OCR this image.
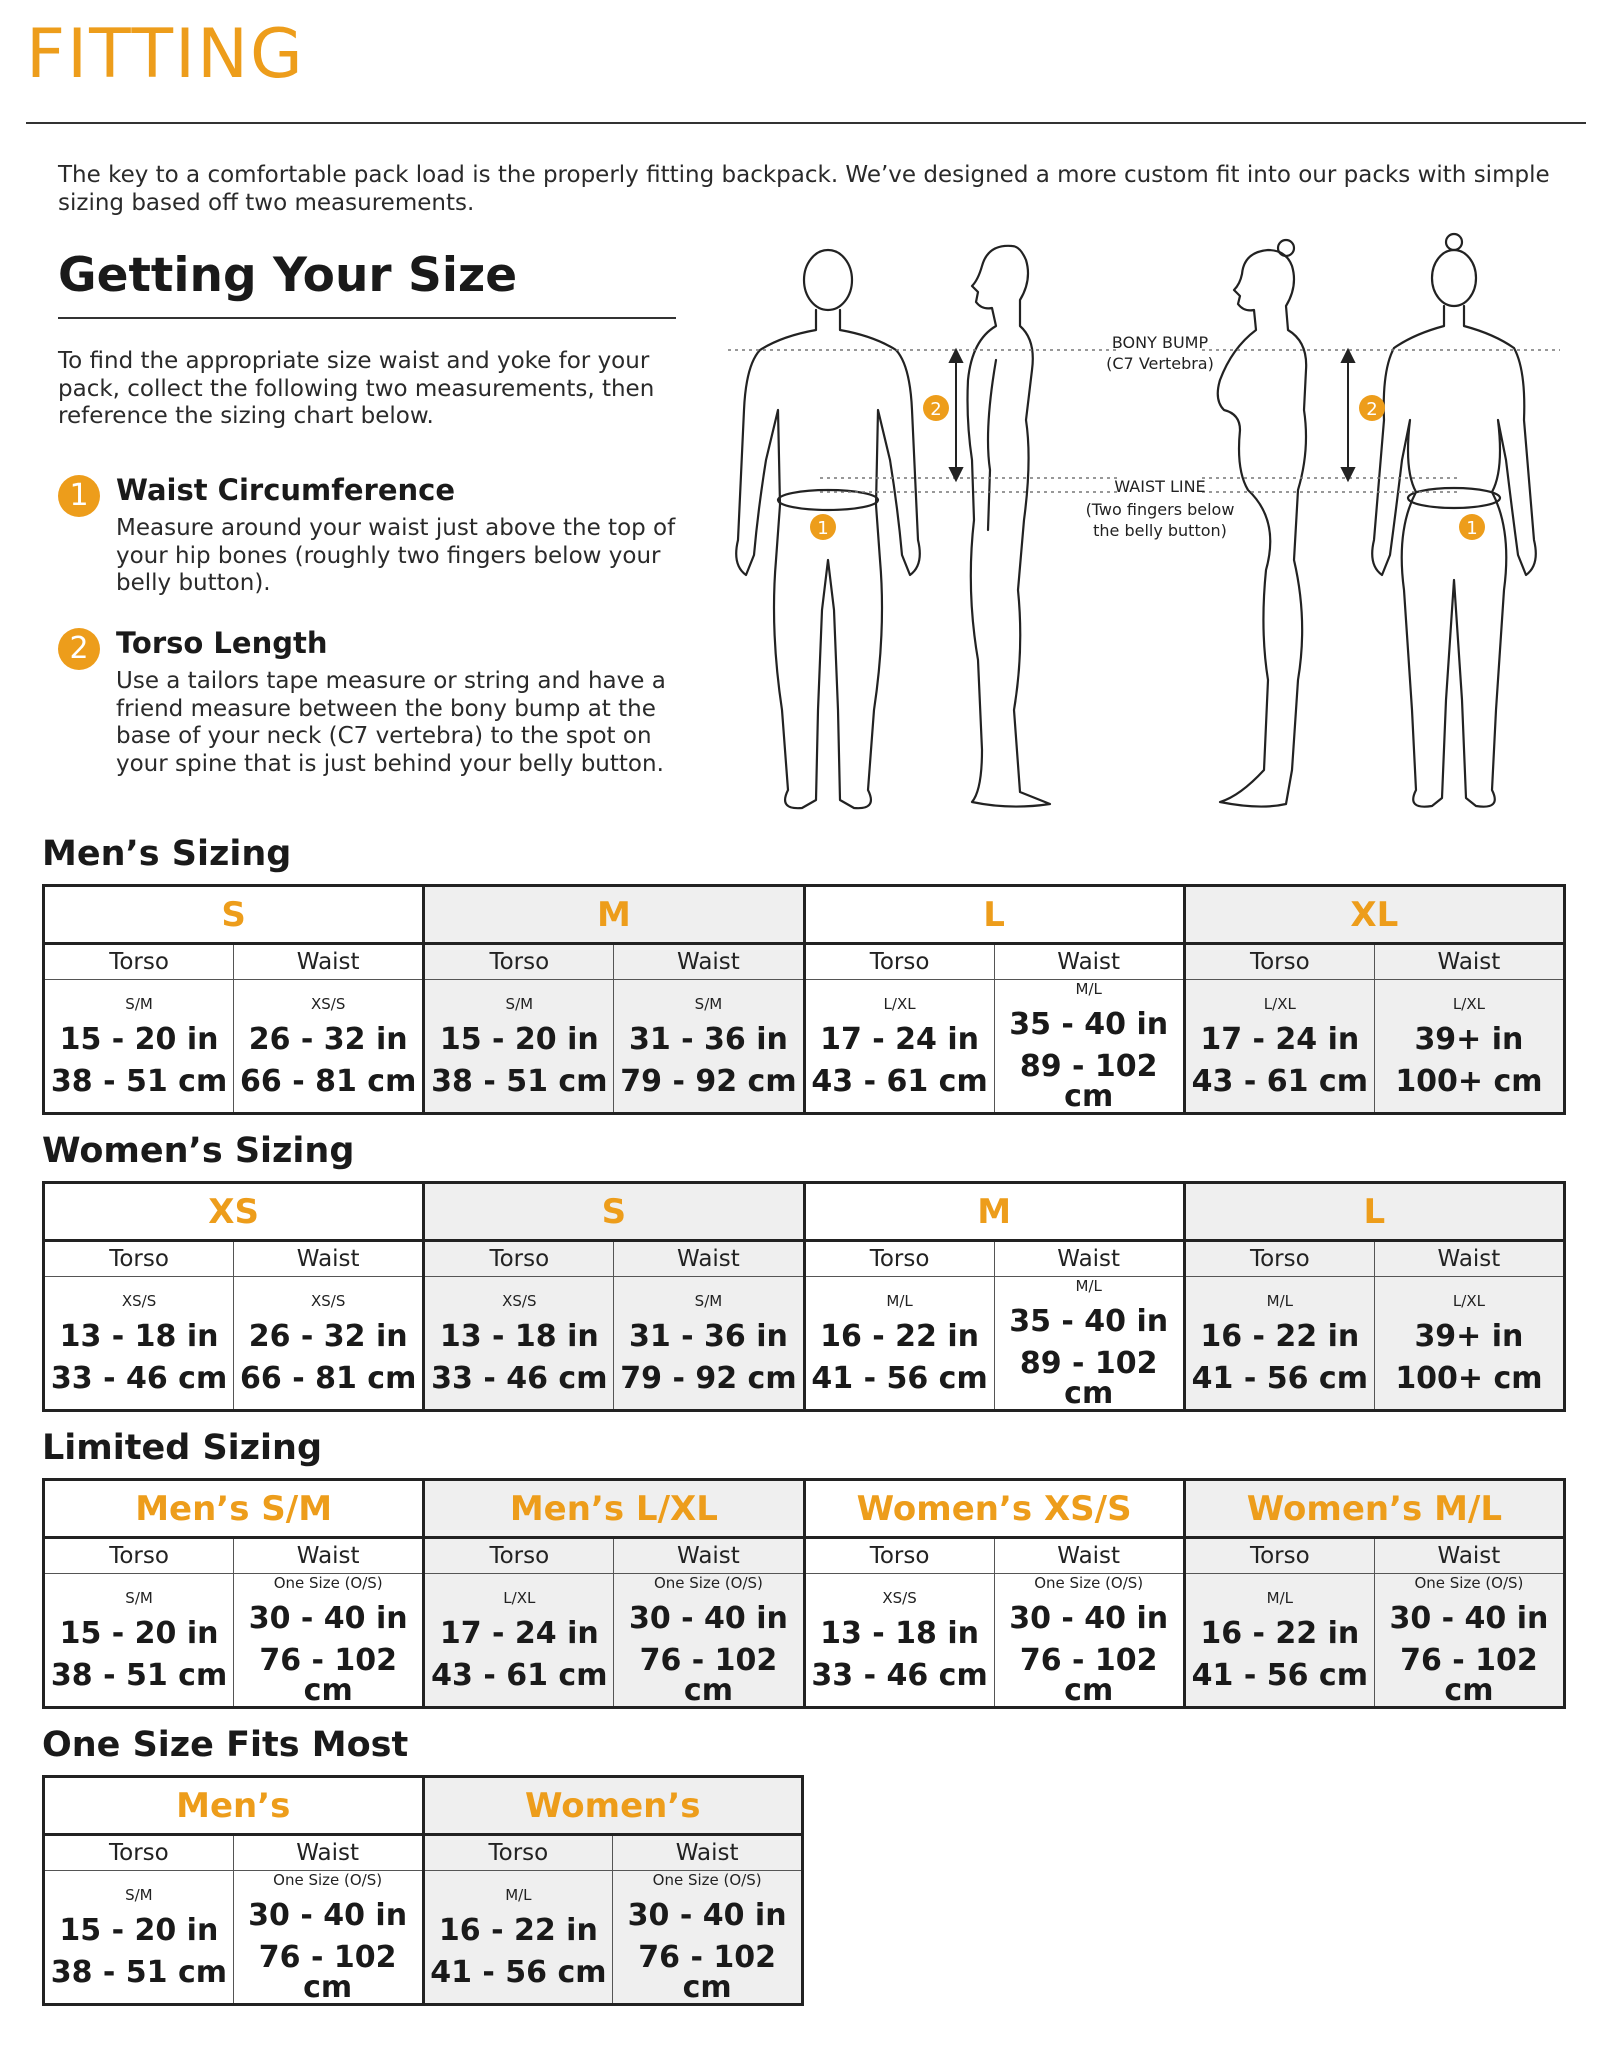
FITTING

The key to a comfortable pack load is the properly fitting backpack. We’ve designed a more custom fit into our packs with simple sizing based off two measurements.

Getting Your Size

To find the appropriate size waist and yoke for your pack, collect the following two measurements, then reference the sizing chart below.

1 Waist Circumference

Measure around your waist just above the top of your hip bones (roughly two fingers below your belly button).

2 Torso Length

Use a tailors tape measure or string and have a friend measure between the bony bump at the base of your neck (C7 vertebra) to the spot on your spine that is just behind your belly button.

2	2
1	1
BONY BUMP
(C7 Vertebra)
WAIST LINE
(Two fingers below
the belly button)
Men’s Sizing
S		M		L		XL	
Torso	Waist	Torso	Waist	Torso	Waist	Torso	Waist

S/M
15 - 20 in
38 - 51 cm	XS/S
26 - 32 in
66 - 81 cm	S/M
15 - 20 in
38 - 51 cm	S/M
31 - 36 in
79 - 92 cm	L/XL
17 - 24 in
43 - 61 cm	M/L
35 - 40 in
89 - 102 cm	L/XL
17 - 24 in
43 - 61 cm	L/XL
39+ in
100+ cm
Women’s Sizing
XS		S		M		L	
Torso	Waist	Torso	Waist	Torso	Waist	Torso	Waist

XS/S
13 - 18 in
33 - 46 cm	XS/S
26 - 32 in
66 - 81 cm	XS/S
13 - 18 in
33 - 46 cm	S/M
31 - 36 in
79 - 92 cm	M/L
16 - 22 in
41 - 56 cm	M/L
35 - 40 in
89 - 102 cm	M/L
16 - 22 in
41 - 56 cm	L/XL
39+ in
100+ cm
Limited Sizing
Men’s S/M		Men’s L/XL		Women’s XS/S		Women’s M/L	
Torso	Waist	Torso	Waist	Torso	Waist	Torso	Waist

S/M
15 - 20 in
38 - 51 cm	One Size (O/S)
30 - 40 in
76 - 102 cm	L/XL
17 - 24 in
43 - 61 cm	One Size (O/S)
30 - 40 in
76 - 102 cm	XS/S
13 - 18 in
33 - 46 cm	One Size (O/S)
30 - 40 in
76 - 102 cm	M/L
16 - 22 in
41 - 56 cm	One Size (O/S)
30 - 40 in
76 - 102 cm
One Size Fits Most
Men’s		Women’s	
Torso	Waist	Torso	Waist

S/M
15 - 20 in
38 - 51 cm	One Size (O/S)
30 - 40 in
76 - 102 cm	M/L
16 - 22 in
41 - 56 cm	One Size (O/S)
30 - 40 in
76 - 102 cm
